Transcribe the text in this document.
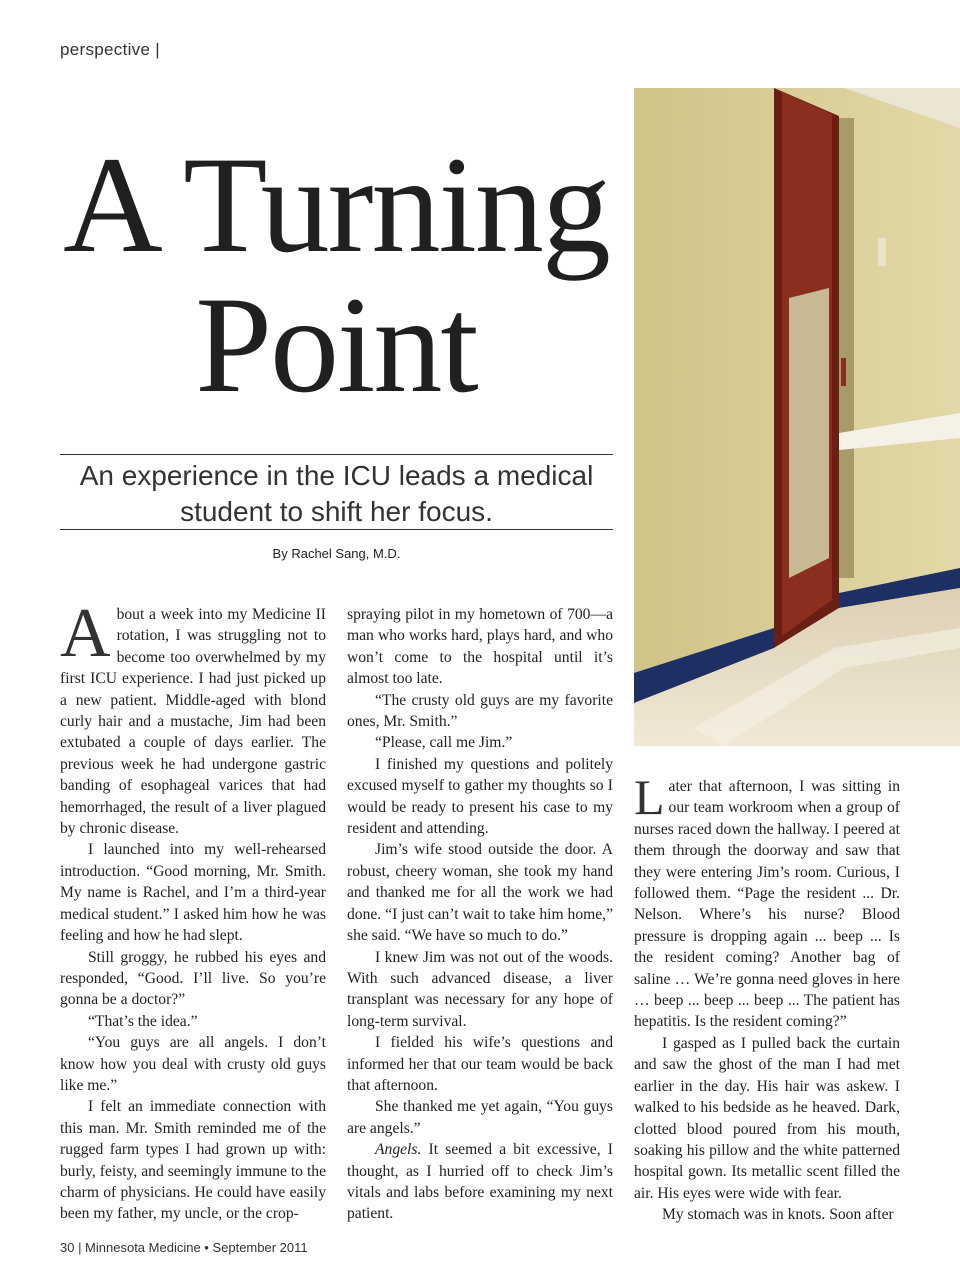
perspective |
A Turning
Point
An experience in the ICU leads a medical
student to shift her focus.
By Rachel Sang, M.D.

About a week into my Medicine II rotation, I was struggling not to become too overwhelmed by my first ICU experience. I had just picked up a new patient. Middle-aged with blond curly hair and a mustache, Jim had been extubated a couple of days earlier. The previous week he had undergone gastric banding of esophageal varices that had hemorrhaged, the result of a liver plagued by chronic disease.

I launched into my well-rehearsed introduction. “Good morning, Mr. Smith. My name is Rachel, and I’m a third-year medical student.” I asked him how he was feeling and how he had slept.

Still groggy, he rubbed his eyes and responded, “Good. I’ll live. So you’re gonna be a doctor?”

“That’s the idea.”

“You guys are all angels. I don’t know how you deal with crusty old guys like me.”

I felt an immediate connection with this man. Mr. Smith reminded me of the rugged farm types I had grown up with: burly, feisty, and seemingly immune to the charm of physicians. He could have easily been my father, my uncle, or the crop-

spraying pilot in my hometown of 700—a man who works hard, plays hard, and who won’t come to the hospital until it’s almost too late.

“The crusty old guys are my favorite ones, Mr. Smith.”

“Please, call me Jim.”

I finished my questions and politely excused myself to gather my thoughts so I would be ready to present his case to my resident and attending.

Jim’s wife stood outside the door. A robust, cheery woman, she took my hand and thanked me for all the work we had done. “I just can’t wait to take him home,” she said. “We have so much to do.”

I knew Jim was not out of the woods. With such advanced disease, a liver transplant was necessary for any hope of long-term survival.

I fielded his wife’s questions and informed her that our team would be back that afternoon.

She thanked me yet again, “You guys are angels.”

Angels. It seemed a bit excessive, I thought, as I hurried off to check Jim’s vitals and labs before examining my next patient.

Later that afternoon, I was sitting in our team workroom when a group of nurses raced down the hallway. I peered at them through the doorway and saw that they were entering Jim’s room. Curious, I followed them. “Page the resident ... Dr. Nelson. Where’s his nurse? Blood pressure is dropping again ... beep ... Is the resident coming? Another bag of saline … We’re gonna need gloves in here … beep ... beep ... beep ... The patient has hepatitis. Is the resident coming?”

I gasped as I pulled back the curtain and saw the ghost of the man I had met earlier in the day. His hair was askew. I walked to his bedside as he heaved. Dark, clotted blood poured from his mouth, soaking his pillow and the white patterned hospital gown. Its metallic scent filled the air. His eyes were wide with fear.

My stomach was in knots. Soon after

30 | Minnesota Medicine • September 2011
